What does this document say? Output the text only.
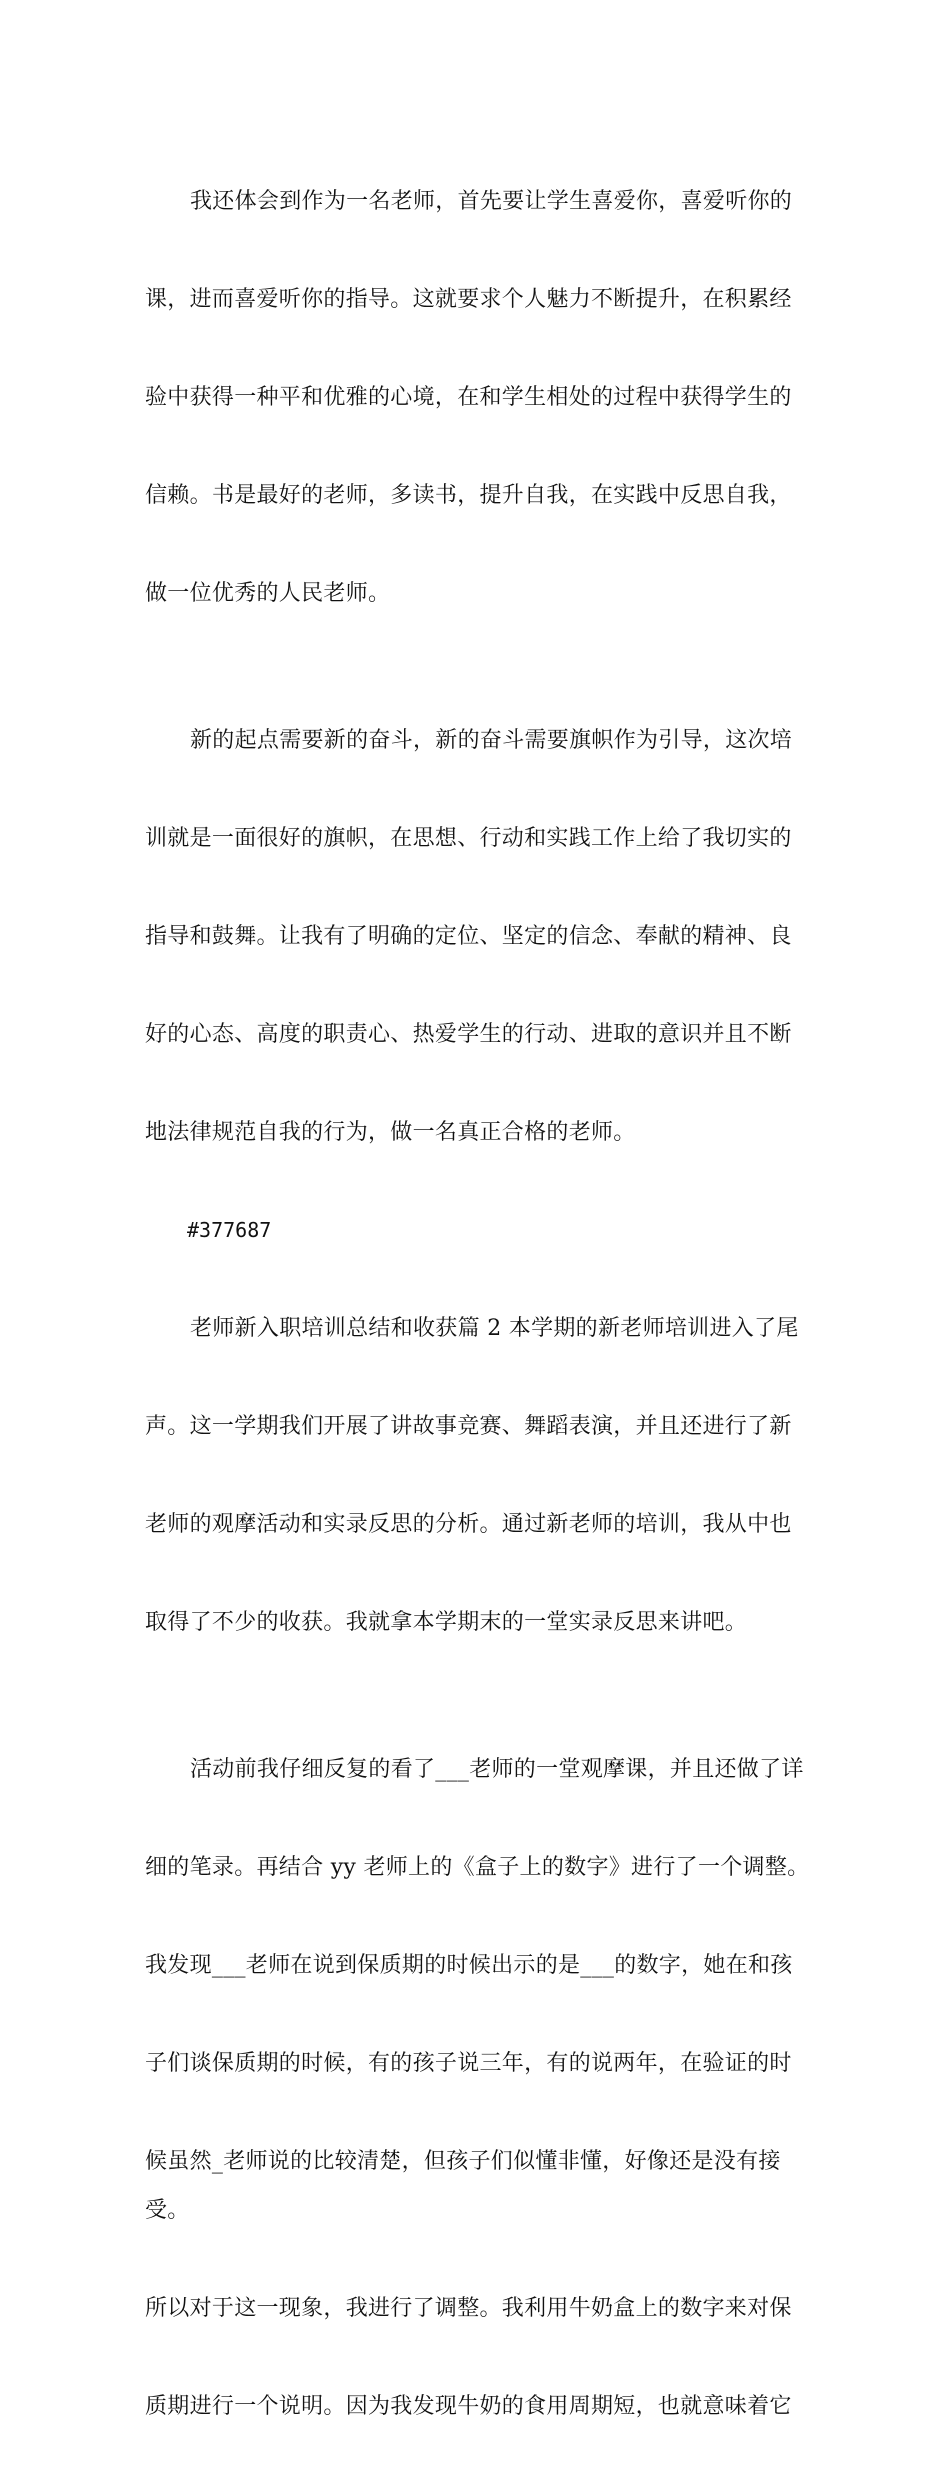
我还体会到作为一名老师，首先要让学生喜爱你，喜爱听你的

课，进而喜爱听你的指导。这就要求个人魅力不断提升，在积累经

验中获得一种平和优雅的心境，在和学生相处的过程中获得学生的

信赖。书是最好的老师，多读书，提升自我，在实践中反思自我，

做一位优秀的人民老师。

新的起点需要新的奋斗，新的奋斗需要旗帜作为引导，这次培

训就是一面很好的旗帜，在思想、行动和实践工作上给了我切实的

指导和鼓舞。让我有了明确的定位、坚定的信念、奉献的精神、良

好的心态、高度的职责心、热爱学生的行动、进取的意识并且不断

地法律规范自我的行为，做一名真正合格的老师。

#377687

老师新入职培训总结和收获篇 2 本学期的新老师培训进入了尾

声。这一学期我们开展了讲故事竞赛、舞蹈表演，并且还进行了新

老师的观摩活动和实录反思的分析。通过新老师的培训，我从中也

取得了不少的收获。我就拿本学期末的一堂实录反思来讲吧。

活动前我仔细反复的看了___老师的一堂观摩课，并且还做了详

细的笔录。再结合 yy 老师上的《盒子上的数字》进行了一个调整。

我发现___老师在说到保质期的时候出示的是___的数字，她在和孩

子们谈保质期的时候，有的孩子说三年，有的说两年，在验证的时

候虽然_老师说的比较清楚，但孩子们似懂非懂，好像还是没有接受。

所以对于这一现象，我进行了调整。我利用牛奶盒上的数字来对保

质期进行一个说明。因为我发现牛奶的食用周期短，也就意味着它
